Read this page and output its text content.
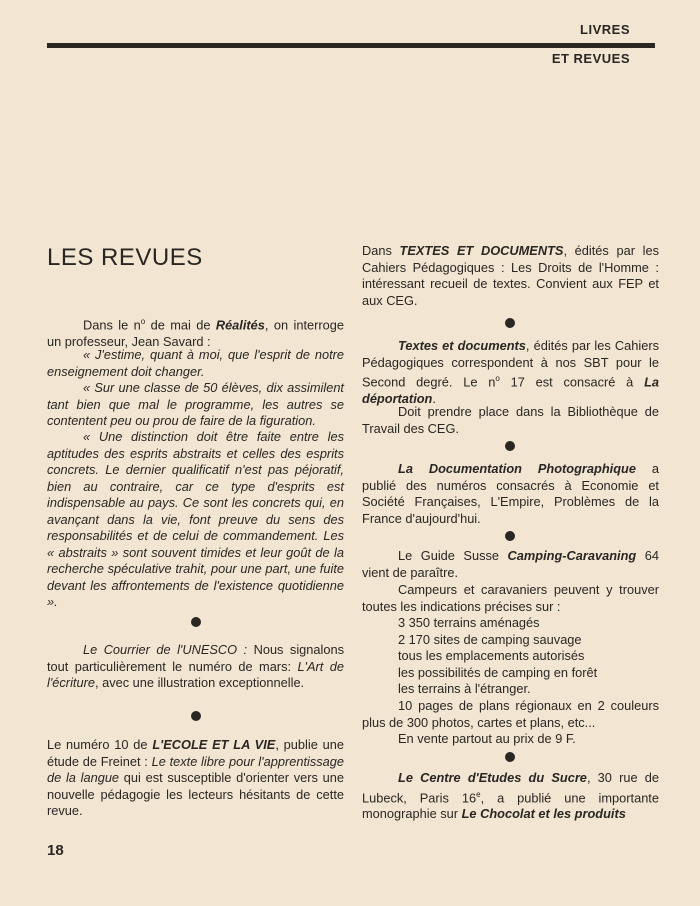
LIVRES
ET REVUES
LES REVUES

Dans le $n^o$ de mai de Réalités, on interroge un professeur, Jean Savard :

« J'estime, quant à moi, que l'esprit de notre enseignement doit changer.

« Sur une classe de 50 élèves, dix assimilent tant bien que mal le programme, les autres se contentent peu ou prou de faire de la figuration.

« Une distinction doit être faite entre les aptitudes des esprits abstraits et celles des esprits concrets. Le dernier qualificatif n'est pas péjoratif, bien au contraire, car ce type d'esprits est indispensable au pays. Ce sont les concrets qui, en avançant dans la vie, font preuve du sens des responsabilités et de celui de commandement. Les « abstraits » sont souvent timides et leur goût de la recherche spéculative trahit, pour une part, une fuite devant les affrontements de l'existence quotidienne ».

Le Courrier de l'UNESCO : Nous signalons tout particulièrement le numéro de mars: L'Art de l'écriture, avec une illustration exceptionnelle.

Le numéro 10 de L'ECOLE ET LA VIE, publie une étude de Freinet : Le texte libre pour l'apprentissage de la langue qui est susceptible d'orienter vers une nouvelle pédagogie les lecteurs hésitants de cette revue.

Dans TEXTES ET DOCUMENTS, édités par les Cahiers Pédagogiques : Les Droits de l'Homme : intéressant recueil de textes. Convient aux FEP et aux CEG.

Textes et documents, édités par les Cahiers Pédagogiques correspondent à nos SBT pour le Second degré. Le $n^o$ 17 est consacré à La déportation.

Doit prendre place dans la Bibliothèque de Travail des CEG.

La Documentation Photographique a publié des numéros consacrés à Economie et Société Françaises, L'Empire, Problèmes de la France d'aujourd'hui.

Le Guide Susse Camping-Caravaning 64 vient de paraître.

Campeurs et caravaniers peuvent y trouver toutes les indications précises sur :

3 350 terrains aménagés
2 170 sites de camping sauvage
tous les emplacements autorisés
les possibilités de camping en forêt
les terrains à l'étranger.

10 pages de plans régionaux en 2 couleurs plus de 300 photos, cartes et plans, etc...

En vente partout au prix de 9 F.

Le Centre d'Etudes du Sucre, 30 rue de Lubeck, Paris 16e, a publié une importante monographie sur Le Chocolat et les produits

18
